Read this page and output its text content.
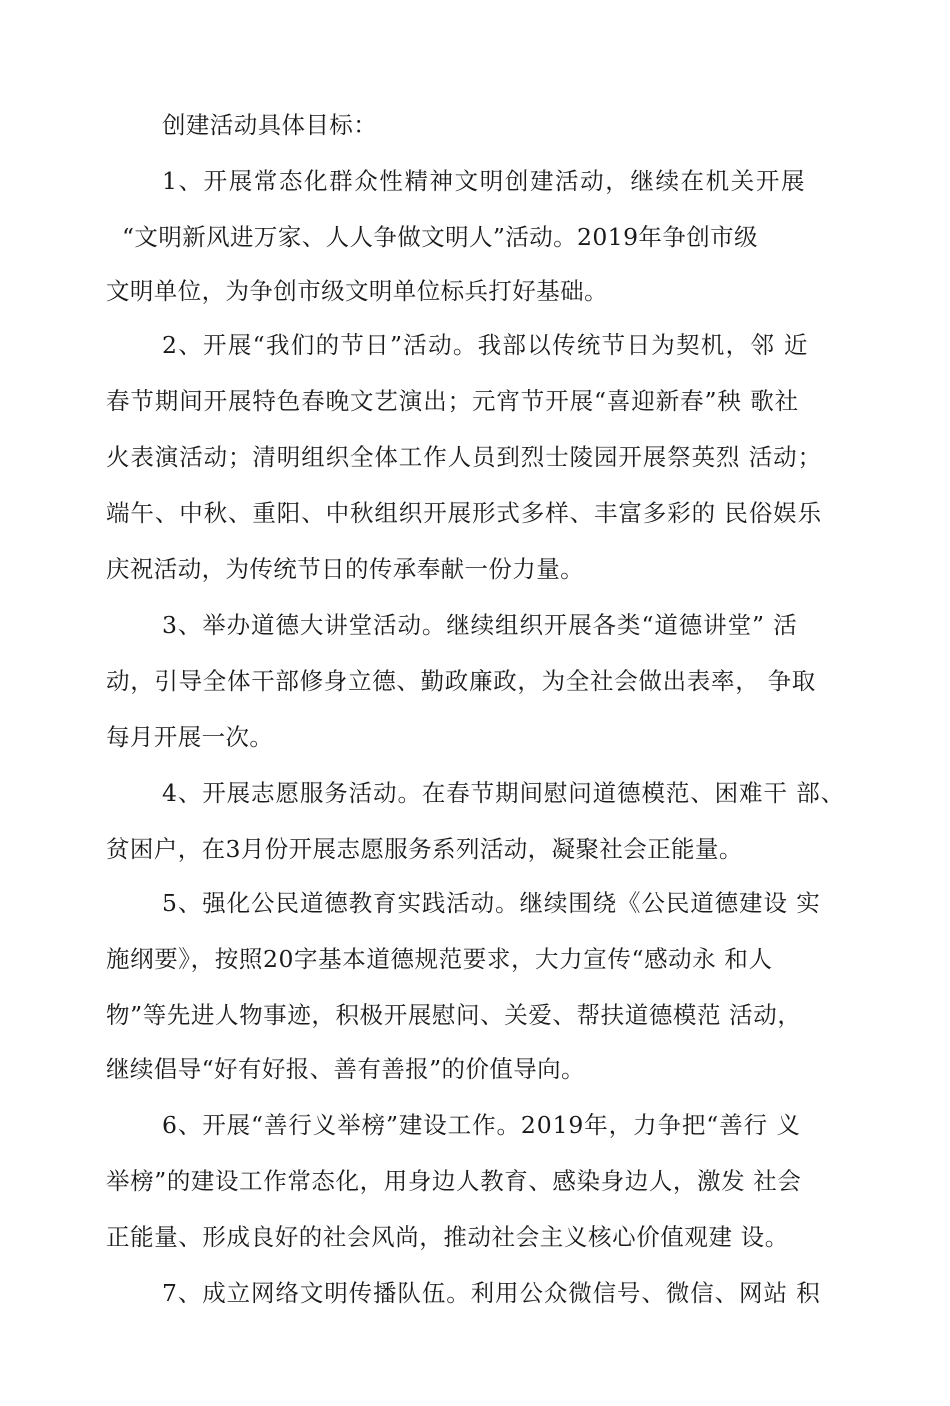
创建活动具体目标：
1、开展常态化群众性精神文明创建活动，继续在机关开展
“文明新风进万家、人人争做文明人”活动。2019年争创市级
文明单位，为争创市级文明单位标兵打好基础。
2、开展“我们的节日”活动。我部以传统节日为契机，邻 近
春节期间开展特色春晚文艺演出；元宵节开展“喜迎新春”秧 歌社
火表演活动；清明组织全体工作人员到烈士陵园开展祭英烈 活动；
端午、中秋、重阳、中秋组织开展形式多样、丰富多彩的 民俗娱乐
庆祝活动，为传统节日的传承奉献一份力量。
3、举办道德大讲堂活动。继续组织开展各类“道德讲堂” 活
动，引导全体干部修身立德、勤政廉政，为全社会做出表率， 争取
每月开展一次。
4、开展志愿服务活动。在春节期间慰问道德模范、困难干 部、
贫困户，在3月份开展志愿服务系列活动，凝聚社会正能量。
5、强化公民道德教育实践活动。继续围绕《公民道德建设 实
施纲要》，按照20字基本道德规范要求，大力宣传“感动永 和人
物”等先进人物事迹，积极开展慰问、关爱、帮扶道德模范 活动，
继续倡导“好有好报、善有善报”的价值导向。
6、开展“善行义举榜”建设工作。2019年，力争把“善行 义
举榜”的建设工作常态化，用身边人教育、感染身边人，激发 社会
正能量、形成良好的社会风尚，推动社会主义核心价值观建 设。
7、成立网络文明传播队伍。利用公众微信号、微信、网站 积
